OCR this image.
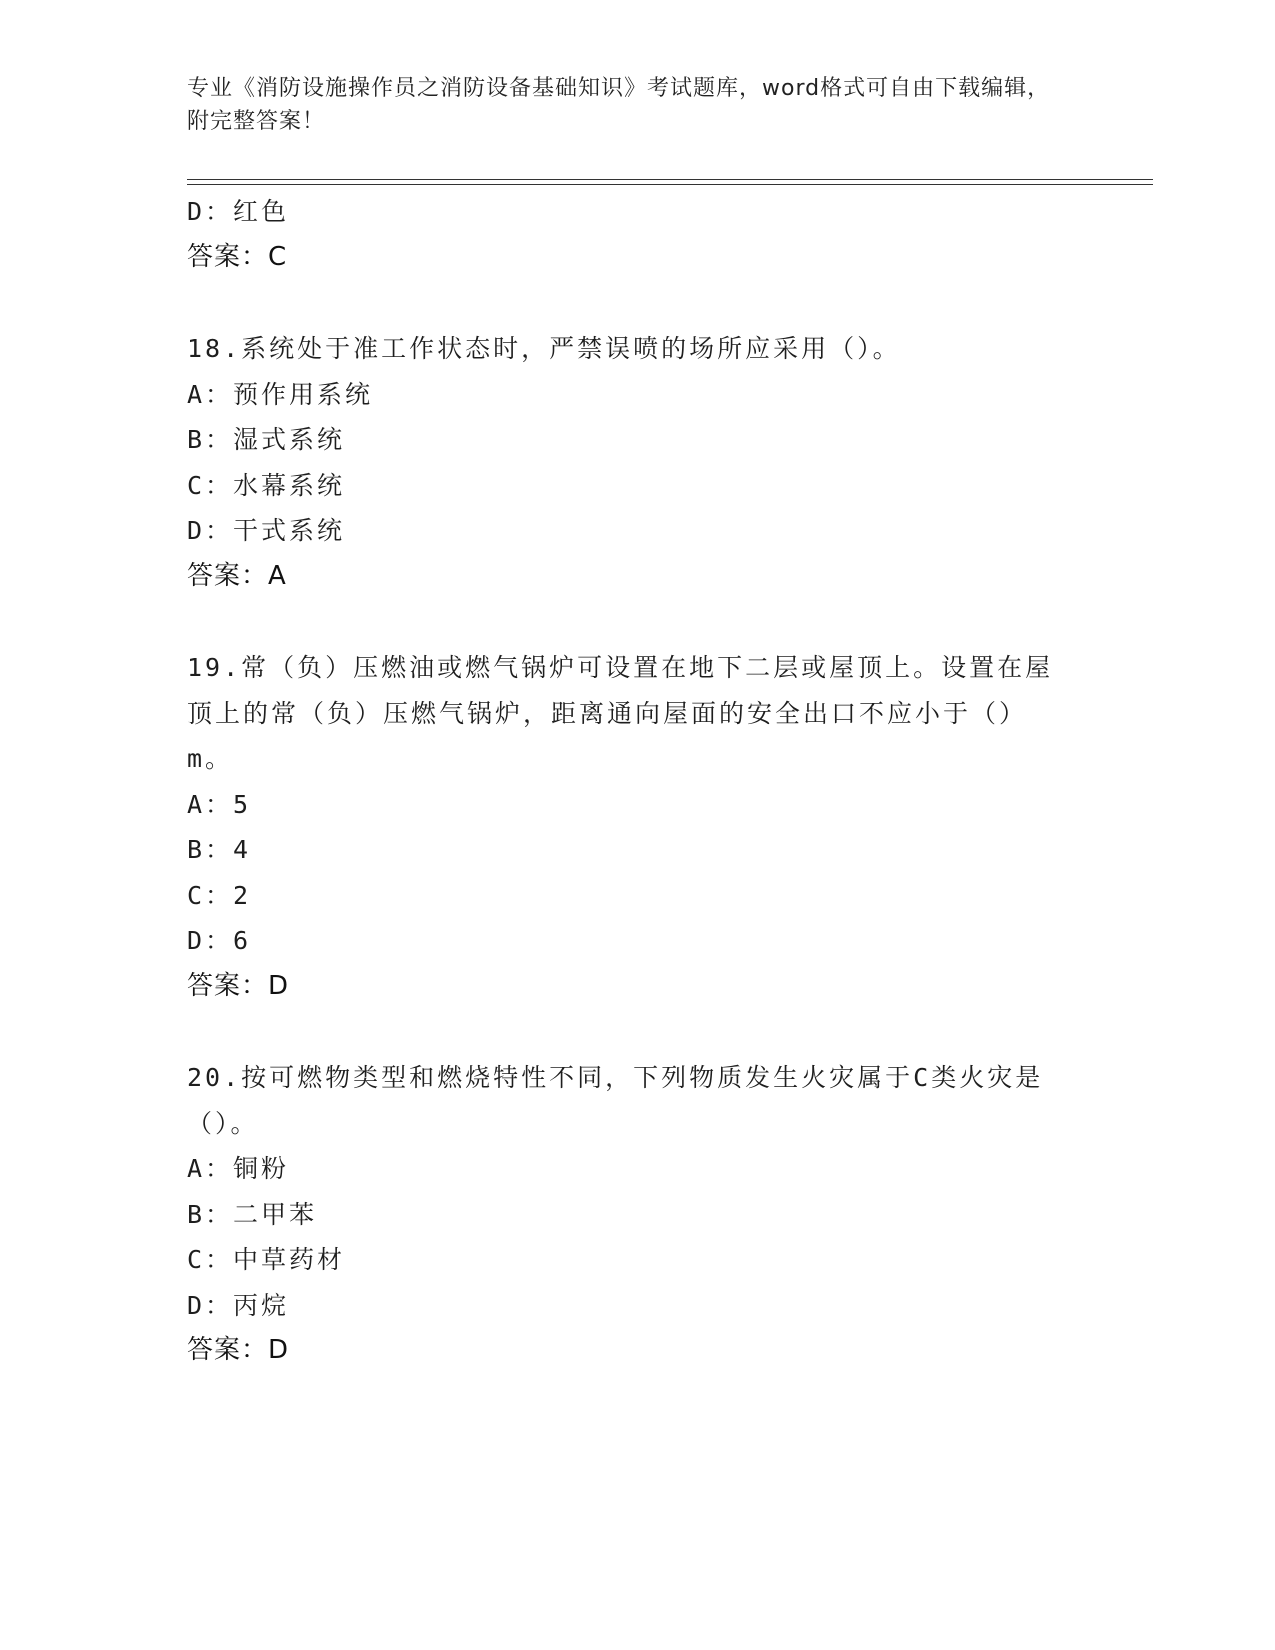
专业《消防设施操作员之消防设备基础知识》考试题库，word格式可自由下载编辑，附完整答案！
D：红色
答案：C
18.系统处于准工作状态时，严禁误喷的场所应采用（）。
A：预作用系统
B：湿式系统
C：水幕系统
D：干式系统
答案：A
19.常（负）压燃油或燃气锅炉可设置在地下二层或屋顶上。设置在屋顶上的常（负）压燃气锅炉，距离通向屋面的安全出口不应小于（）m。
A：5
B：4
C：2
D：6
答案：D
20.按可燃物类型和燃烧特性不同，下列物质发生火灾属于C类火灾是（）。
A：铜粉
B：二甲苯
C：中草药材
D：丙烷
答案：D
